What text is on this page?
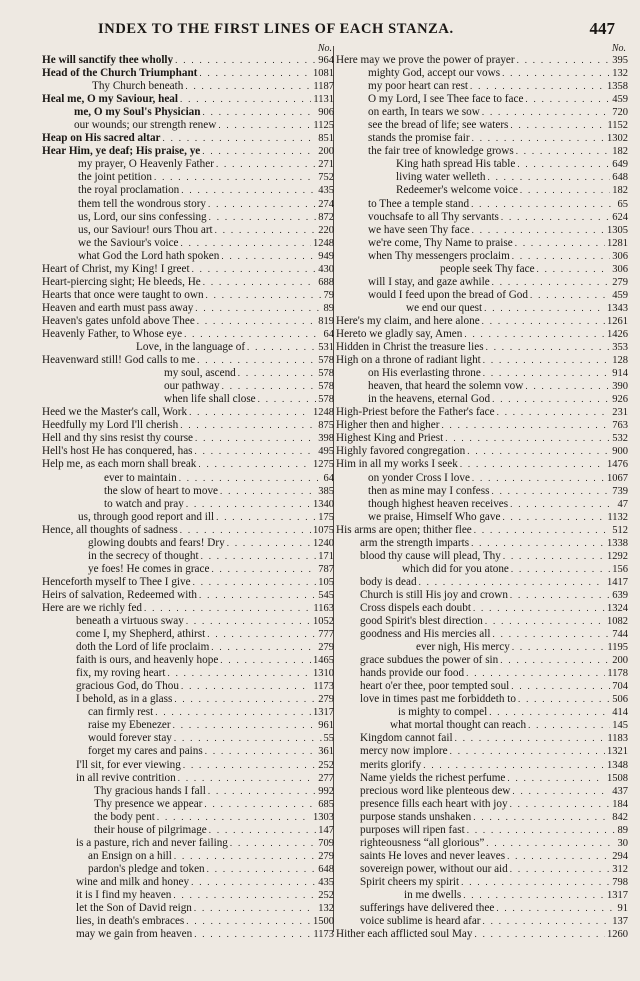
INDEX TO THE FIRST LINES OF EACH STANZA.	447
No.
He will sanctify thee wholly . . .	964
Head of the Church Triumphant . . .	1081
Thy Church beneath . . .	1187
Heal me, O my Saviour, heal . . .	1131
me, O my Soul's Physician . . .	906
our wounds; our strength renew . . .	1125
Heap on His sacred altar . . .	851
Hear Him, ye deaf; His praise, ye . . .	200
my prayer, O Heavenly Father . . .	271
the joint petition . . .	752
the royal proclamation . . .	435
them tell the wondrous story . . .	274
us, Lord, our sins confessing . . .	872
us, our Saviour! ours Thou art . . .	220
we the Saviour's voice . . .	1248
what God the Lord hath spoken . . .	949
Heart of Christ, my King! I greet . . .	430
Heart-piercing sight; He bleeds, He . . .	688
Hearts that once were taught to own . . .	79
Heaven and earth must pass away . . .	89
Heaven's gates unfold above Thee . . .	819
Heavenly Father, to Whose eye . . .	64
Love, in the language of . . .	531
Heavenward still! God calls to me . . .	578
my soul, ascend . . .	578
our pathway . . .	578
when life shall close . . .	578
Heed we the Master's call, Work . . .	1248
Heedfully my Lord I'll cherish . . .	875
Hell and thy sins resist thy course . . .	398
Hell's host He has conquered, has . . .	495
Help me, as each morn shall break . . .	1275
ever to maintain . . .	64
the slow of heart to move . . .	385
to watch and pray . . .	1340
us, through good report and ill . . .	175
Hence, all thoughts of sadness . . .	1075
glowing doubts and fears! Dry . . .	1240
in the secrecy of thought . . .	171
ye foes! He comes in grace . . .	787
Henceforth myself to Thee I give . . .	105
Heirs of salvation, Redeemed with . . .	545
Here are we richly fed . . .	1163
beneath a virtuous sway . . .	1052
come I, my Shepherd, athirst . . .	777
doth the Lord of life proclaim . . .	279
faith is ours, and heavenly hope . . .	1465
fix, my roving heart . . .	1310
gracious God, do Thou . . .	1173
I behold, as in a glass . . .	279
can firmly rest . . .	1317
raise my Ebenezer . . .	961
would forever stay . . .	55
forget my cares and pains . . .	361
I'll sit, for ever viewing . . .	252
in all revive contrition . . .	277
Thy gracious hands I fall . . .	992
Thy presence we appear . . .	685
the body pent . . .	1303
their house of pilgrimage . . .	147
is a pasture, rich and never failing . . .	709
an Ensign on a hill . . .	279
pardon's pledge and token . . .	648
wine and milk and honey . . .	435
it is I find my heaven . . .	252
let the Son of David reign . . .	132
lies, in death's embraces . . .	1500
may we gain from heaven . . .	1173
No.
Here may we prove the power of prayer . . .	395
mighty God, accept our vows . . .	132
my poor heart can rest . . .	1358
O my Lord, I see Thee face to face . . .	459
on earth, In tears we sow . . .	720
see the bread of life; see waters . . .	1152
stands the promise fair . . .	1302
the fair tree of knowledge grows . . .	182
King hath spread His table . . .	649
living water welleth . . .	648
Redeemer's welcome voice . . .	182
to Thee a temple stand . . .	65
vouchsafe to all Thy servants . . .	624
we have seen Thy face . . .	1305
we're come, Thy Name to praise . . .	1281
when Thy messengers proclaim . . .	306
people seek Thy face . . .	306
will I stay, and gaze awhile . . .	279
would I feed upon the bread of God . . .	459
we end our quest . . .	1343
Here's my claim, and here alone . . .	1261
Hereto we gladly say, Amen . . .	1426
Hidden in Christ the treasure lies . . .	353
High on a throne of radiant light . . .	128
on His everlasting throne . . .	914
heaven, that heard the solemn vow . . .	390
in the heavens, eternal God . . .	926
High-Priest before the Father's face . . .	231
Higher then and higher . . .	763
Highest King and Priest . . .	532
Highly favored congregation . . .	900
Him in all my works I seek . . .	1476
on yonder Cross I love . . .	1067
then as mine may I confess . . .	739
though highest heaven receives . . .	47
we praise, Himself Who gave . . .	1132
His arms are open; thither flee . . .	512
arm the strength imparts . . .	1338
blood thy cause will plead, Thy . . .	1292
which did for you atone . . .	156
body is dead . . .	1417
Church is still His joy and crown . . .	639
Cross dispels each doubt . . .	1324
good Spirit's blest direction . . .	1082
goodness and His mercies all . . .	744
ever nigh, His mercy . . .	1195
grace subdues the power of sin . . .	200
hands provide our food . . .	1178
heart o'er thee, poor tempted soul . . .	704
love in times past me forbiddeth to . . .	506
is mighty to compel . . .	414
what mortal thought can reach . . .	145
Kingdom cannot fail . . .	1183
mercy now implore . . .	1321
merits glorify . . .	1348
Name yields the richest perfume . . .	1508
precious word like plenteous dew . . .	437
presence fills each heart with joy . . .	184
purpose stands unshaken . . .	842
purposes will ripen fast . . .	89
righteousness “all glorious” . . .	30
saints He loves and never leaves . . .	294
sovereign power, without our aid . . .	312
Spirit cheers my spirit . . .	798
in me dwells . . .	1317
sufferings have delivered thee . . .	91
voice sublime is heard afar . . .	137
Hither each afflicted soul May . . .	1260
